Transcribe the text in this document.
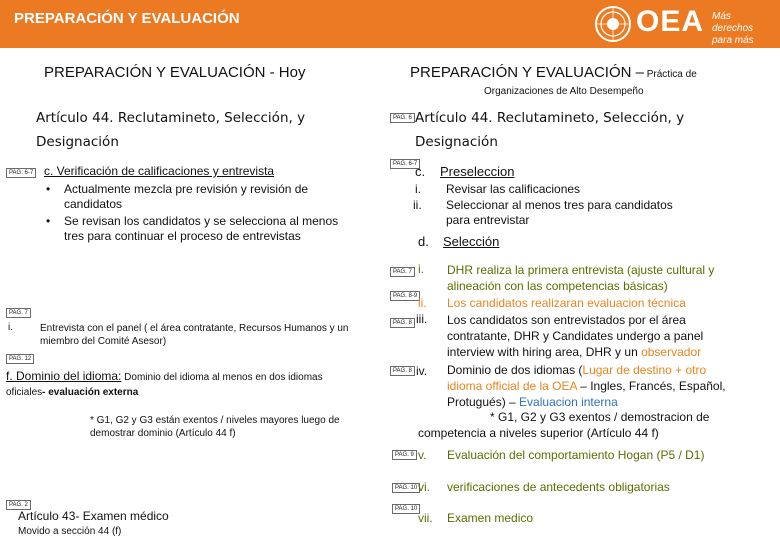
PREPARACIÓN Y EVALUACIÓN	OEA Más derechos
para más gente
PREPARACIÓN Y EVALUACIÓN - Hoy
Artículo 44. Reclutamineto, Selección, y
Designación
PAG. 6-7 c. Verificación de calificaciones y entrevista
• Actualmente mezcla pre revisión y revisión de
candidatos
• Se revisan los candidatos y se selecciona al menos
tres para continuar el proceso de entrevistas
PAG. 7
i.	Entrevista con el panel ( el área contratante, Recursos Humanos y un
miembro del Comité Asesor)
PAG. 12
f. Dominio del idioma: Dominio del idioma al menos en dos idiomas
oficiales- evaluación externa
* G1, G2 y G3 están exentos / niveles mayores luego de
demostrar dominio (Artículo 44 f)
PAG. 2
Artículo 43- Examen médico
Movido a sección 44 (f)
PREPARACIÓN Y EVALUACIÓN – Práctica de
Organizaciones de Alto Desempeño
PAG. 6 Artículo 44. Reclutamineto, Selección, y
Designación
PAG. 6-7
c. Preseleccion
i. Revisar las calificaciones
ii. Seleccionar al menos tres para candidatos
para entrevistar
d. Selección
PAG. 7
PAG. 8-9
PAG. 8
PAG. 8
PAG. 9
PAG. 10
PAG. 10
i.
ii.
iii.
iv.
v.
vi.
vii.
DHR realiza la primera entrevista (ajuste cultural y
alineación con las competencias básicas)
Los candidatos realizaran evaluacion técnica
Los candidatos son entrevistados por el área
contratante, DHR y Candidates undergo a panel
interview with hiring area, DHR y un observador
Dominio de dos idiomas (Lugar de destino + otro
idioma official de la OEA – Ingles, Francés, Español,
Protugués) – Evaluacion interna
* G1, G2 y G3 exentos / demostracion de
competencia a niveles superior (Artículo 44 f)
Evaluación del comportamiento Hogan (P5 / D1)
verificaciones de antecedents obligatorias
Examen medico
